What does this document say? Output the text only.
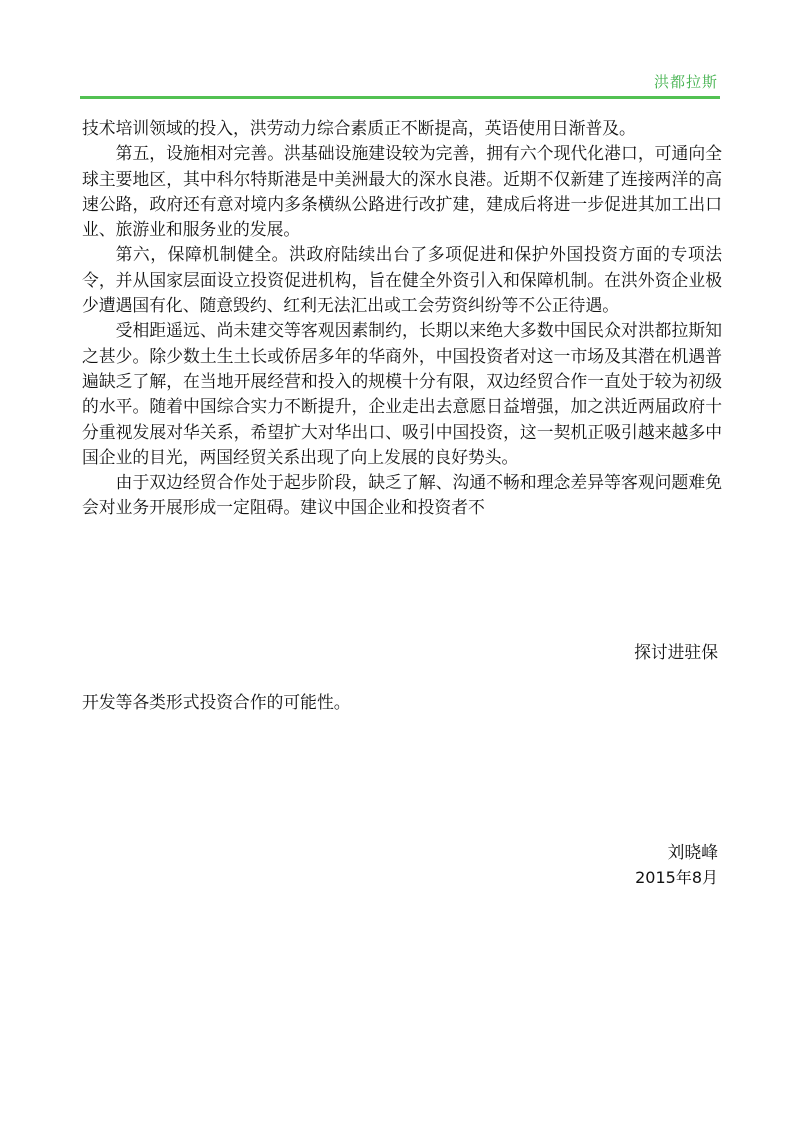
洪都拉斯

技术培训领域的投入，洪劳动力综合素质正不断提高，英语使用日渐普及。

第五，设施相对完善。洪基础设施建设较为完善，拥有六个现代化港口，可通向全球主要地区，其中科尔特斯港是中美洲最大的深水良港。近期不仅新建了连接两洋的高速公路，政府还有意对境内多条横纵公路进行改扩建，建成后将进一步促进其加工出口业、旅游业和服务业的发展。

第六，保障机制健全。洪政府陆续出台了多项促进和保护外国投资方面的专项法令，并从国家层面设立投资促进机构，旨在健全外资引入和保障机制。在洪外资企业极少遭遇国有化、随意毁约、红利无法汇出或工会劳资纠纷等不公正待遇。

受相距遥远、尚未建交等客观因素制约，长期以来绝大多数中国民众对洪都拉斯知之甚少。除少数土生土长或侨居多年的华商外，中国投资者对这一市场及其潜在机遇普遍缺乏了解，在当地开展经营和投入的规模十分有限，双边经贸合作一直处于较为初级的水平。随着中国综合实力不断提升，企业走出去意愿日益增强，加之洪近两届政府十分重视发展对华关系，希望扩大对华出口、吸引中国投资，这一契机正吸引越来越多中国企业的目光，两国经贸关系出现了向上发展的良好势头。

由于双边经贸合作处于起步阶段，缺乏了解、沟通不畅和理念差异等客观问题难免会对业务开展形成一定阻碍。建议中国企业和投资者不

探讨进驻保
开发等各类形式投资合作的可能性。
刘晓峰
2015年8月
